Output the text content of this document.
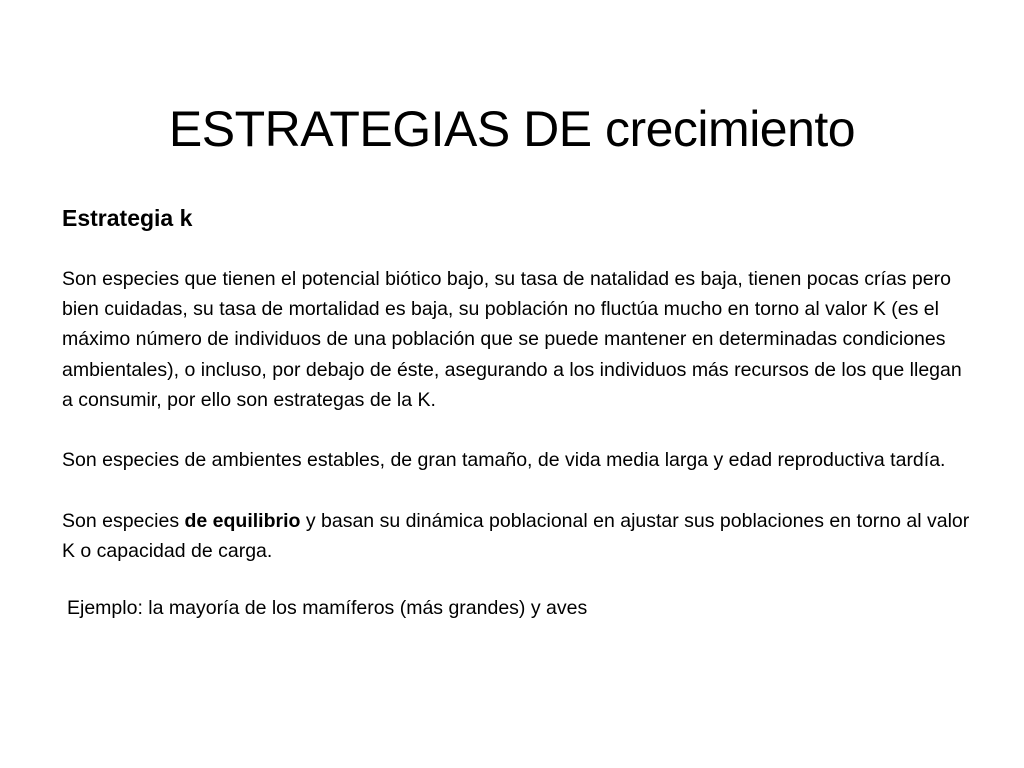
ESTRATEGIAS DE crecimiento
Estrategia k

Son especies que tienen el potencial biótico bajo, su tasa de natalidad es baja, tienen pocas crías pero bien cuidadas, su tasa de mortalidad es baja, su población no fluctúa mucho en torno al valor K (es el máximo número de individuos de una población que se puede mantener en determinadas condiciones ambientales), o incluso, por debajo de éste, asegurando a los individuos más recursos de los que llegan a consumir, por ello son estrategas de la K.

Son especies de ambientes estables, de gran tamaño, de vida media larga y edad reproductiva tardía.

Son especies de equilibrio y basan su dinámica poblacional en ajustar sus poblaciones en torno al valor K o capacidad de carga.

Ejemplo: la mayoría de los mamíferos (más grandes) y aves
